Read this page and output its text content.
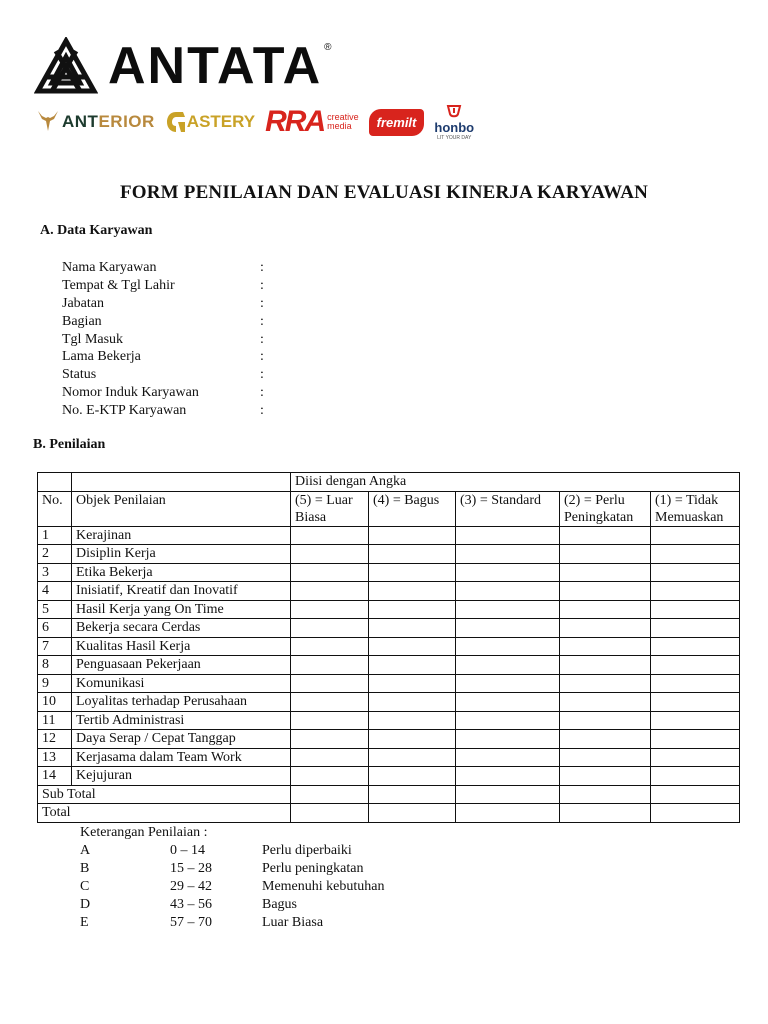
ANTATA ®
ANTERIOR ASTERY RRA creative
media	fremilt	honbo
LIT YOUR DAY
FORM PENILAIAN DAN EVALUASI KINERJA KARYAWAN
A. Data Karyawan
Nama Karyawan	:
Tempat & Tgl Lahir	:
Jabatan	:
Bagian	:
Tgl Masuk	:
Lama Bekerja	:
Status	:
Nomor Induk Karyawan	:
No. E-KTP Karyawan	:
B. Penilaian
		Diisi dengan Angka				
No.	Objek Penilaian	(5) = Luar Biasa	(4) = Bagus	(3) = Standard	(2) = Perlu Peningkatan	(1) = Tidak Memuaskan
1	Kerajinan					
2	Disiplin Kerja					
3	Etika Bekerja					
4	Inisiatif, Kreatif dan Inovatif					
5	Hasil Kerja yang On Time					
6	Bekerja secara Cerdas					
7	Kualitas Hasil Kerja					
8	Penguasaan Pekerjaan					
9	Komunikasi					
10	Loyalitas terhadap Perusahaan					
11	Tertib Administrasi					
12	Daya Serap / Cepat Tanggap					
13	Kerjasama dalam Team Work					
14	Kejujuran					
Sub Total						
Total						
Keterangan Penilaian :
A	0 – 14	Perlu diperbaiki
B	15 – 28	Perlu peningkatan
C	29 – 42	Memenuhi kebutuhan
D	43 – 56	Bagus
E	57 – 70	Luar Biasa
